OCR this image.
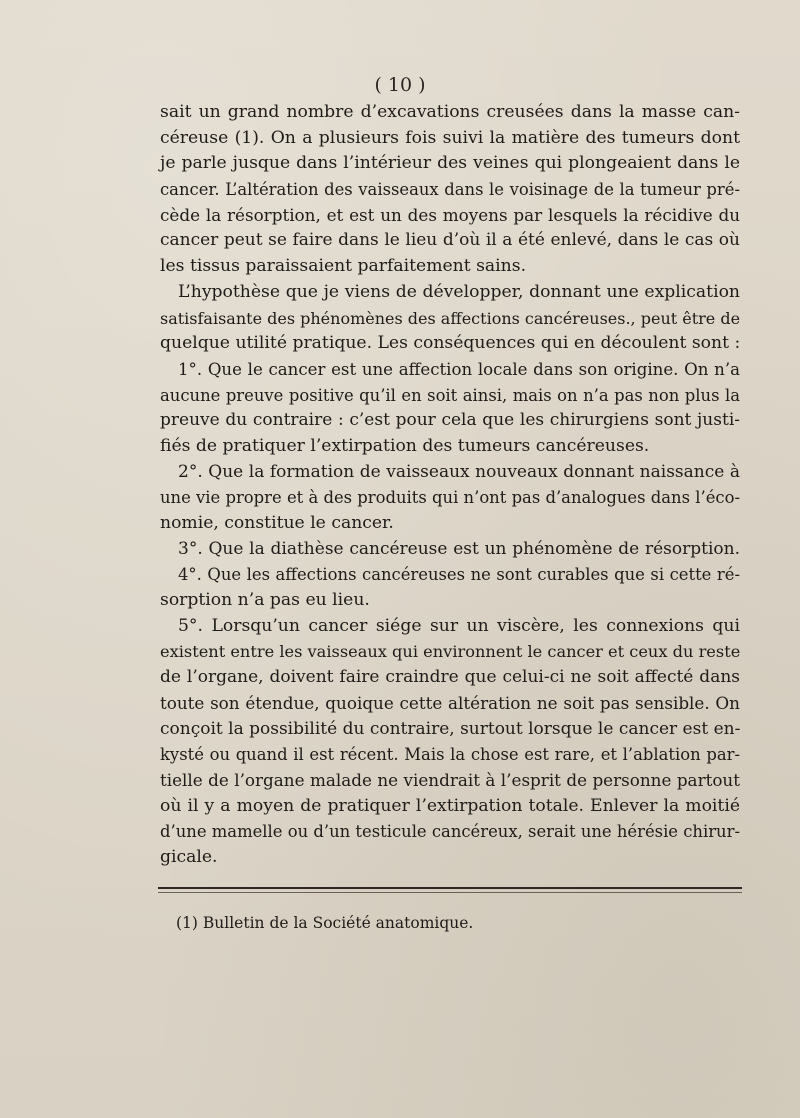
( 10 )
sait un grand nombre d’excavations creusées dans la masse can-
céreuse (1). On a plusieurs fois suivi la matière des tumeurs dont
je parle jusque dans l’intérieur des veines qui plongeaient dans le
cancer. L’altération des vaisseaux dans le voisinage de la tumeur pré-
cède la résorption, et est un des moyens par lesquels la récidive du
cancer peut se faire dans le lieu d’où il a été enlevé, dans le cas où
les tissus paraissaient parfaitement sains.
L’hypothèse que je viens de développer, donnant une explication
satisfaisante des phénomènes des affections cancéreuses., peut être de
quelque utilité pratique. Les conséquences qui en découlent sont :
1°. Que le cancer est une affection locale dans son origine. On n’a
aucune preuve positive qu’il en soit ainsi, mais on n’a pas non plus la
preuve du contraire : c’est pour cela que les chirurgiens sont justi-
fiés de pratiquer l’extirpation des tumeurs cancéreuses.
2°. Que la formation de vaisseaux nouveaux donnant naissance à
une vie propre et à des produits qui n’ont pas d’analogues dans l’éco-
nomie, constitue le cancer.
3°. Que la diathèse cancéreuse est un phénomène de résorption.
4°. Que les affections cancéreuses ne sont curables que si cette ré-
sorption n’a pas eu lieu.
5°. Lorsqu’un cancer siége sur un viscère, les connexions qui
existent entre les vaisseaux qui environnent le cancer et ceux du reste
de l’organe, doivent faire craindre que celui-ci ne soit affecté dans
toute son étendue, quoique cette altération ne soit pas sensible. On
conçoit la possibilité du contraire, surtout lorsque le cancer est en-
kysté ou quand il est récent. Mais la chose est rare, et l’ablation par-
tielle de l’organe malade ne viendrait à l’esprit de personne partout
où il y a moyen de pratiquer l’extirpation totale. Enlever la moitié
d’une mamelle ou d’un testicule cancéreux, serait une hérésie chirur-
gicale.
(1) Bulletin de la Société anatomique.
